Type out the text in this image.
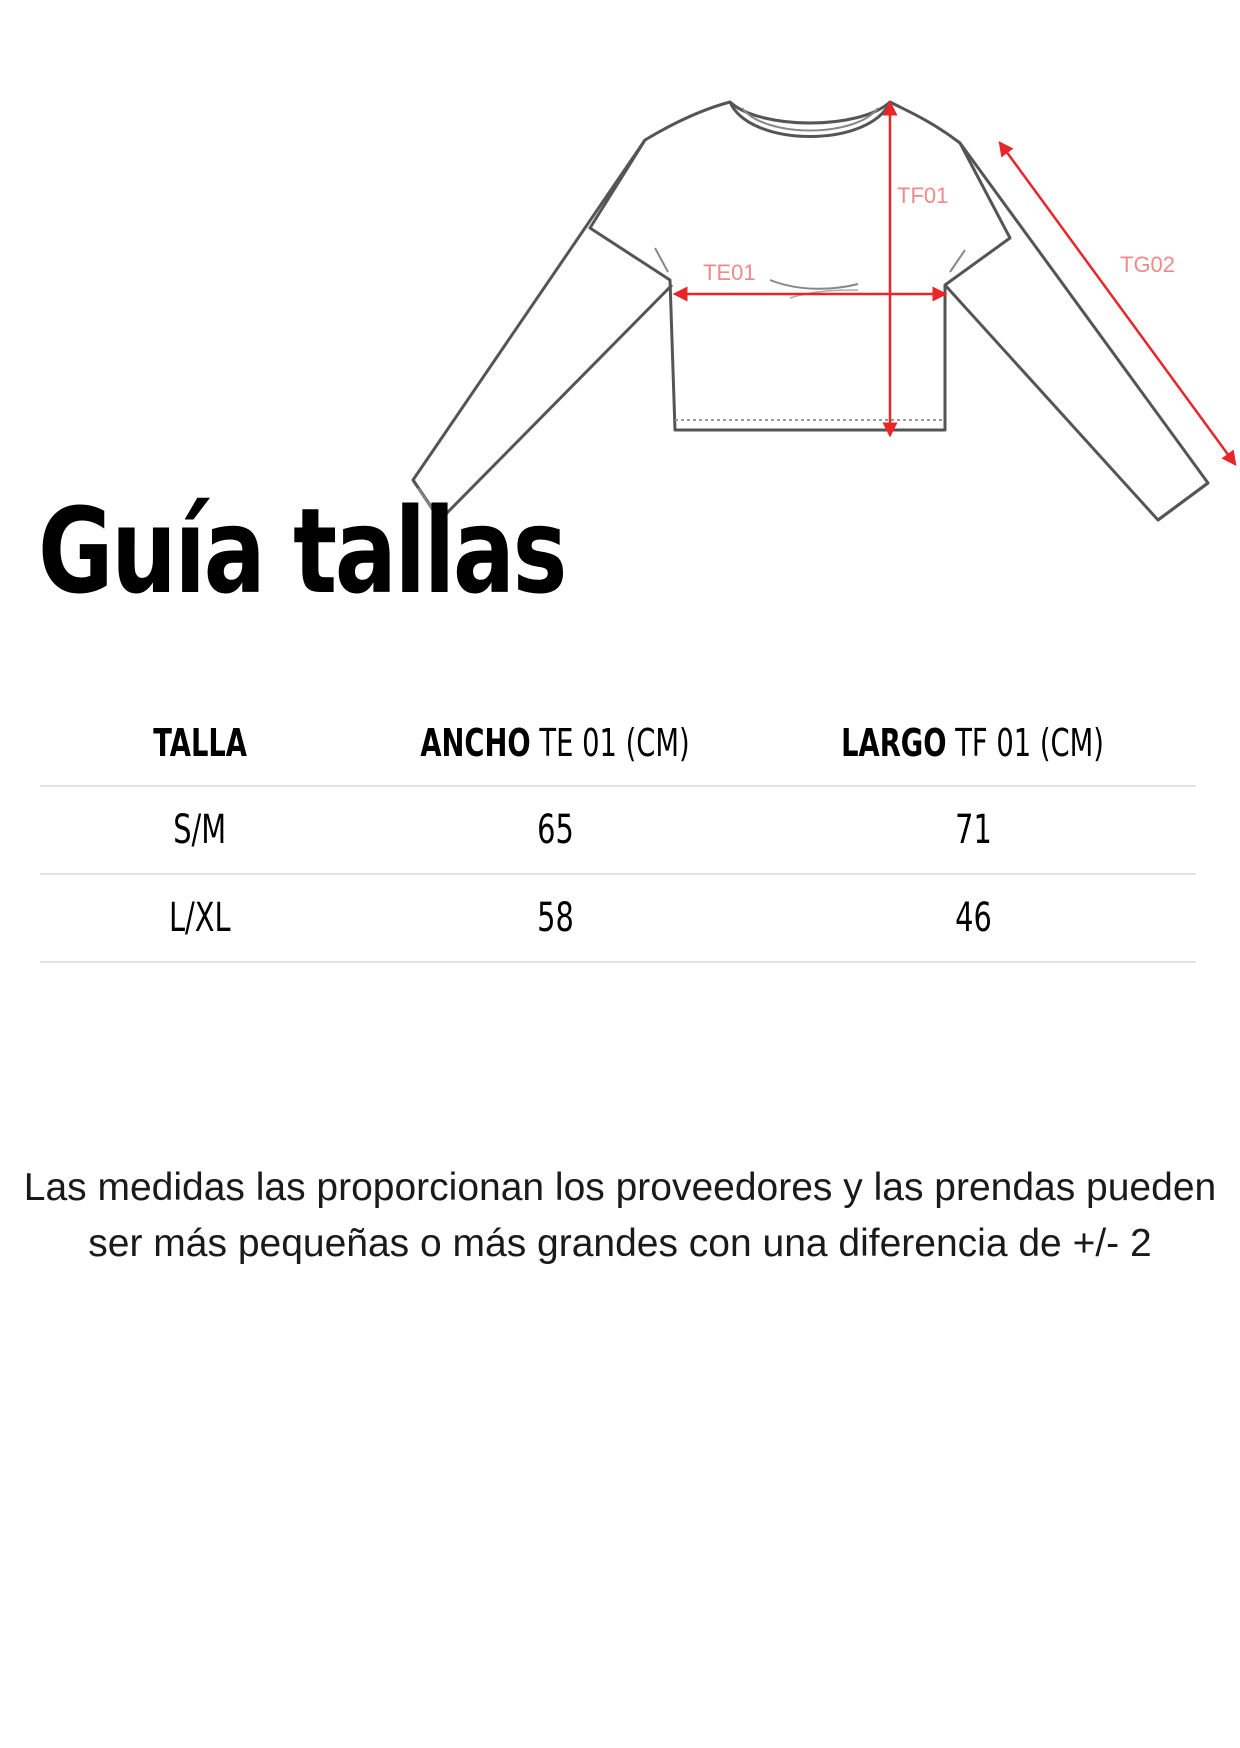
TF01
TE01	TG02
Guía tallas
TALLA	ANCHO TE 01 (CM)	LARGO TF 01 (CM)
S/M	65	71
L/XL	58	46

Las medidas las proporcionan los proveedores y las prendas pueden ser más pequeñas o más grandes con una diferencia de +/- 2
